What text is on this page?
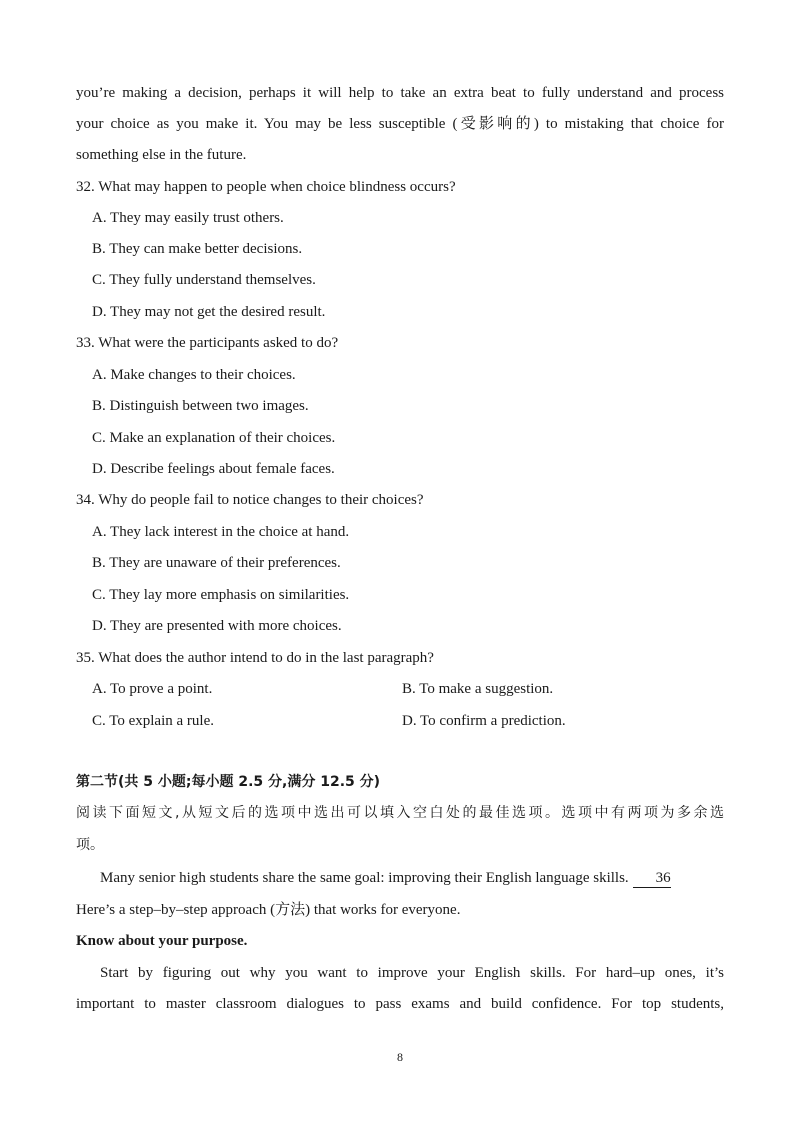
you’re making a decision, perhaps it will help to take an extra beat to fully understand and process
your choice as you make it. You may be less susceptible (受影响的) to mistaking that choice for
something else in the future.
32. What may happen to people when choice blindness occurs?
A. They may easily trust others.
B. They can make better decisions.
C. They fully understand themselves.
D. They may not get the desired result.
33. What were the participants asked to do?
A. Make changes to their choices.
B. Distinguish between two images.
C. Make an explanation of their choices.
D. Describe feelings about female faces.
34. Why do people fail to notice changes to their choices?
A. They lack interest in the choice at hand.
B. They are unaware of their preferences.
C. They lay more emphasis on similarities.
D. They are presented with more choices.
35. What does the author intend to do in the last paragraph?
A. To prove a point.	B. To make a suggestion.
C. To explain a rule.	D. To confirm a prediction.
第二节(共 5 小题;每小题 2.5 分,满分 12.5 分)
阅读下面短文,从短文后的选项中选出可以填入空白处的最佳选项。选项中有两项为多余选
项。
Many senior high students share the same goal: improving their English language skills. 36
Here’s a step–by–step approach (方法) that works for everyone.
Know about your purpose.
Start by figuring out why you want to improve your English skills. For hard–up ones, it’s
important to master classroom dialogues to pass exams and build confidence. For top students,
8
